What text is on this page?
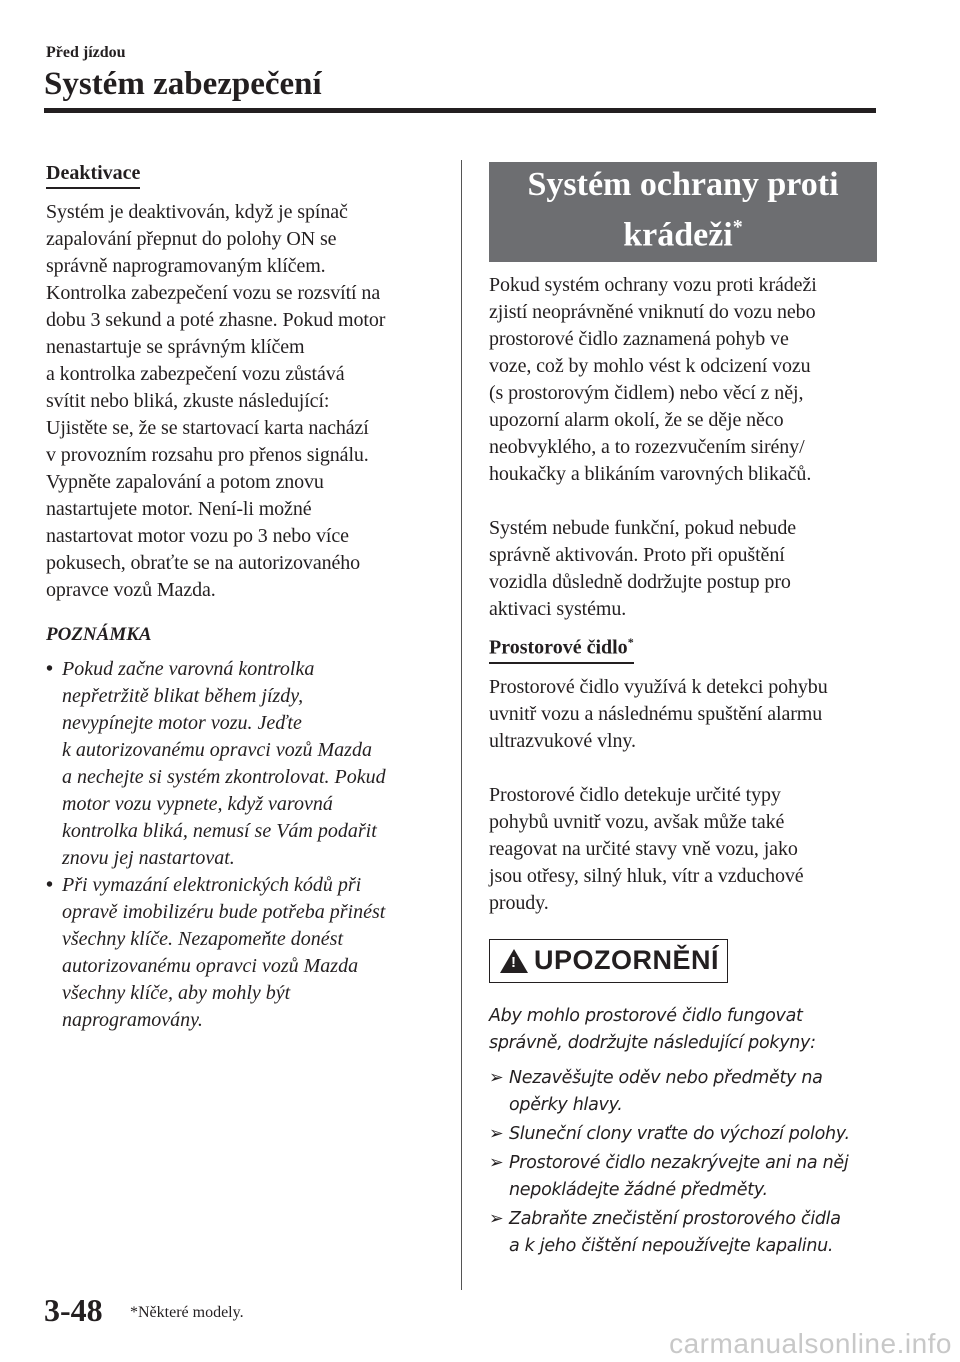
Před jízdou
Systém zabezpečení
Deaktivace
Systém je deaktivován, když je spínač
zapalování přepnut do polohy ON se
správně naprogramovaným klíčem.
Kontrolka zabezpečení vozu se rozsvítí na
dobu 3 sekund a poté zhasne. Pokud motor
nenastartuje se správným klíčem
a kontrolka zabezpečení vozu zůstává
svítit nebo bliká, zkuste následující:
Ujistěte se, že se startovací karta nachází
v provozním rozsahu pro přenos signálu.
Vypněte zapalování a potom znovu
nastartujete motor. Není-li možné
nastartovat motor vozu po 3 nebo více
pokusech, obraťte se na autorizovaného
opravce vozů Mazda.
POZNÁMKA
• Pokud začne varovná kontrolka
nepřetržitě blikat během jízdy,
nevypínejte motor vozu. Jeďte
k autorizovanému opravci vozů Mazda
a nechejte si systém zkontrolovat. Pokud
motor vozu vypnete, když varovná
kontrolka bliká, nemusí se Vám podařit
znovu jej nastartovat.
• Při vymazání elektronických kódů při
opravě imobilizéru bude potřeba přinést
všechny klíče. Nezapomeňte donést
autorizovanému opravci vozů Mazda
všechny klíče, aby mohly být
naprogramovány.
Systém ochrany proti
krádeži*
Pokud systém ochrany vozu proti krádeži
zjistí neoprávněné vniknutí do vozu nebo
prostorové čidlo zaznamená pohyb ve
voze, což by mohlo vést k odcizení vozu
(s prostorovým čidlem) nebo věcí z něj,
upozorní alarm okolí, že se děje něco
neobvyklého, a to rozezvučením sirény/
houkačky a blikáním varovných blikačů.
Systém nebude funkční, pokud nebude
správně aktivován. Proto při opuštění
vozidla důsledně dodržujte postup pro
aktivaci systému.
Prostorové čidlo*
Prostorové čidlo využívá k detekci pohybu
uvnitř vozu a následnému spuštění alarmu
ultrazvukové vlny.
Prostorové čidlo detekuje určité typy
pohybů uvnitř vozu, avšak může také
reagovat na určité stavy vně vozu, jako
jsou otřesy, silný hluk, vítr a vzduchové
proudy.
! UPOZORNĚNÍ
Aby mohlo prostorové čidlo fungovat
správně, dodržujte následující pokyny:
➢ Nezavěšujte oděv nebo předměty na
opěrky hlavy.
➢ Sluneční clony vraťte do výchozí polohy.
➢ Prostorové čidlo nezakrývejte ani na něj
nepokládejte žádné předměty.
➢ Zabraňte znečistění prostorového čidla
a k jeho čištění nepoužívejte kapalinu.
3-48 *Některé modely.
carmanualsonline.info
